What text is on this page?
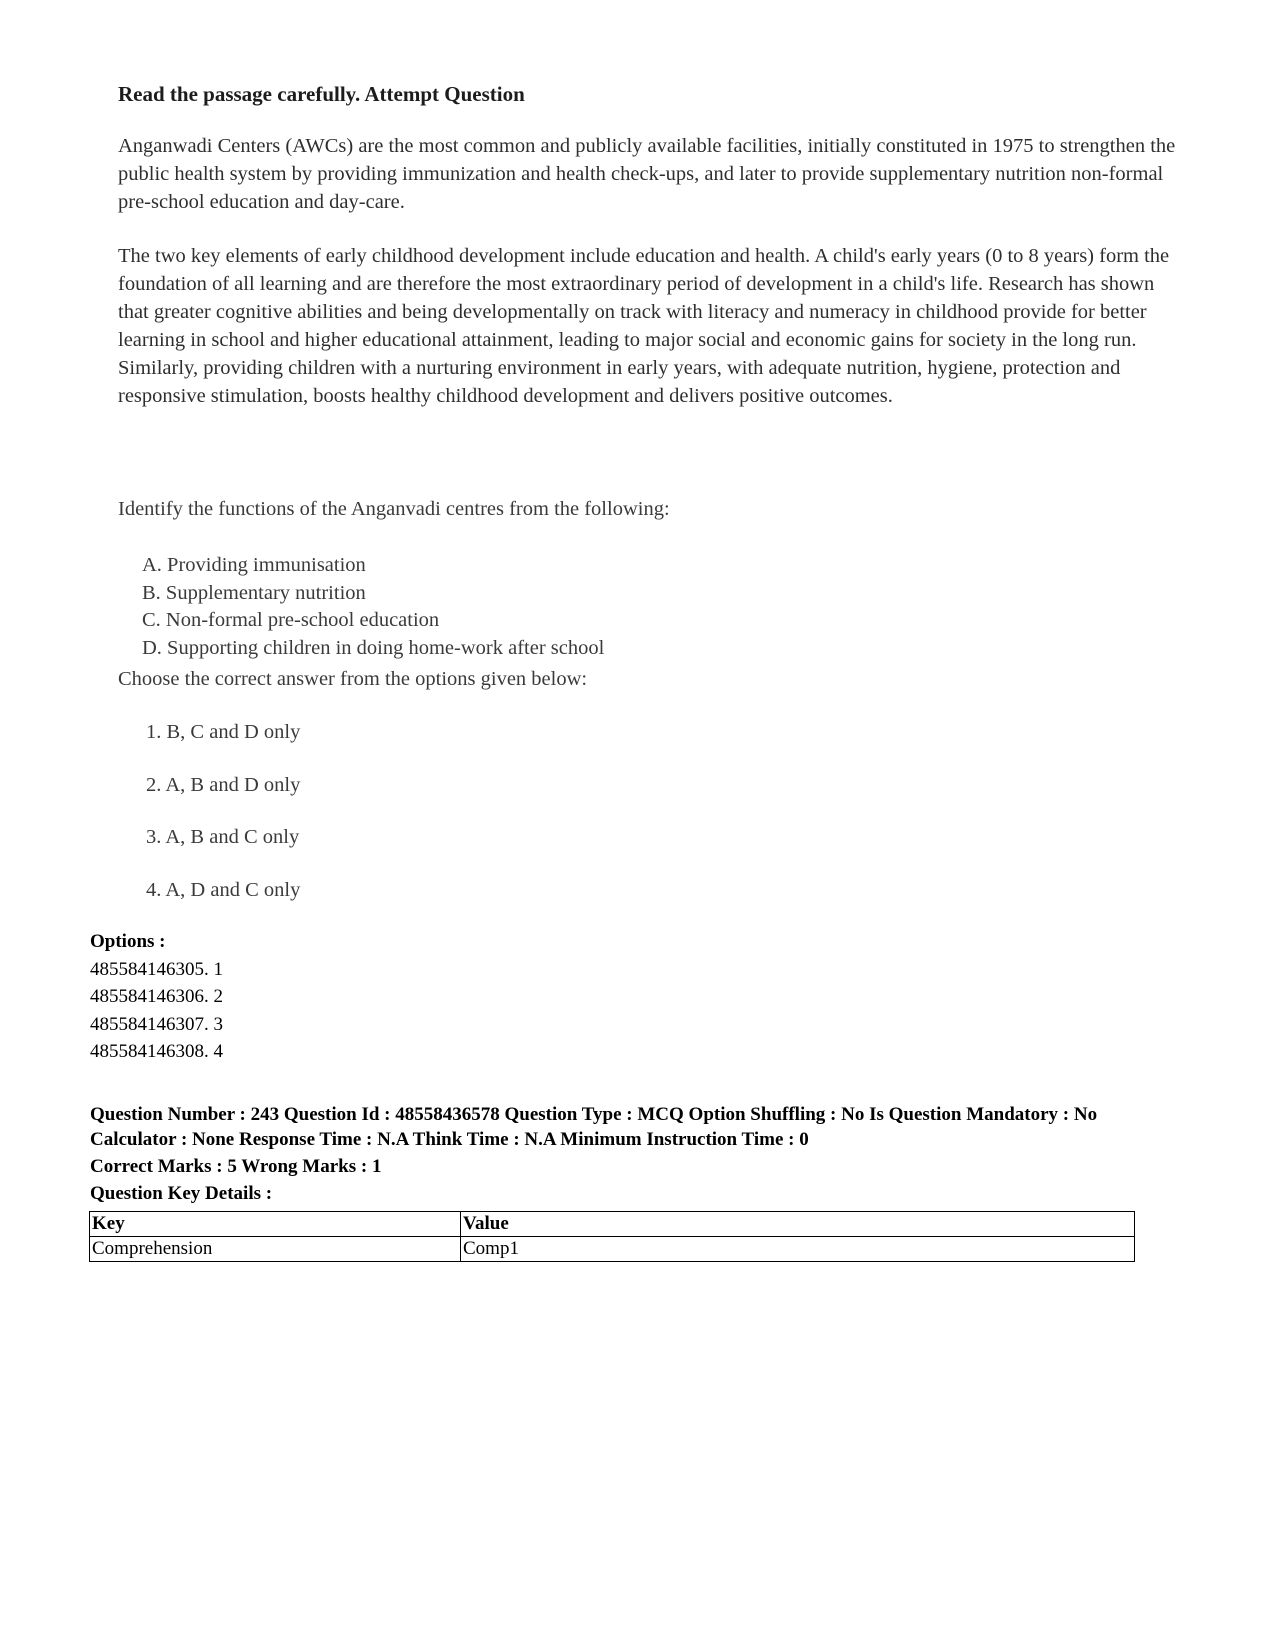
Read the passage carefully. Attempt Question
Anganwadi Centers (AWCs) are the most common and publicly available facilities, initially constituted in 1975 to strengthen the public health system by providing immunization and health check-ups, and later to provide supplementary nutrition non-formal pre-school education and day-care.
The two key elements of early childhood development include education and health. A child's early years (0 to 8 years) form the foundation of all learning and are therefore the most extraordinary period of development in a child's life. Research has shown that greater cognitive abilities and being developmentally on track with literacy and numeracy in childhood provide for better learning in school and higher educational attainment, leading to major social and economic gains for society in the long run. Similarly, providing children with a nurturing environment in early years, with adequate nutrition, hygiene, protection and responsive stimulation, boosts healthy childhood development and delivers positive outcomes.
Identify the functions of the Anganvadi centres from the following:
A. Providing immunisation
B. Supplementary nutrition
C. Non-formal pre-school education
D. Supporting children in doing home-work after school
Choose the correct answer from the options given below:
1. B, C and D only
2. A, B and D only
3. A, B and C only
4. A, D and C only
Options :
485584146305. 1
485584146306. 2
485584146307. 3
485584146308. 4

Question Number : 243 Question Id : 48558436578 Question Type : MCQ Option Shuffling : No Is Question Mandatory : No Calculator : None Response Time : N.A Think Time : N.A Minimum Instruction Time : 0

Correct Marks : 5 Wrong Marks : 1

Question Key Details :

Key	Value
Comprehension	Comp1
